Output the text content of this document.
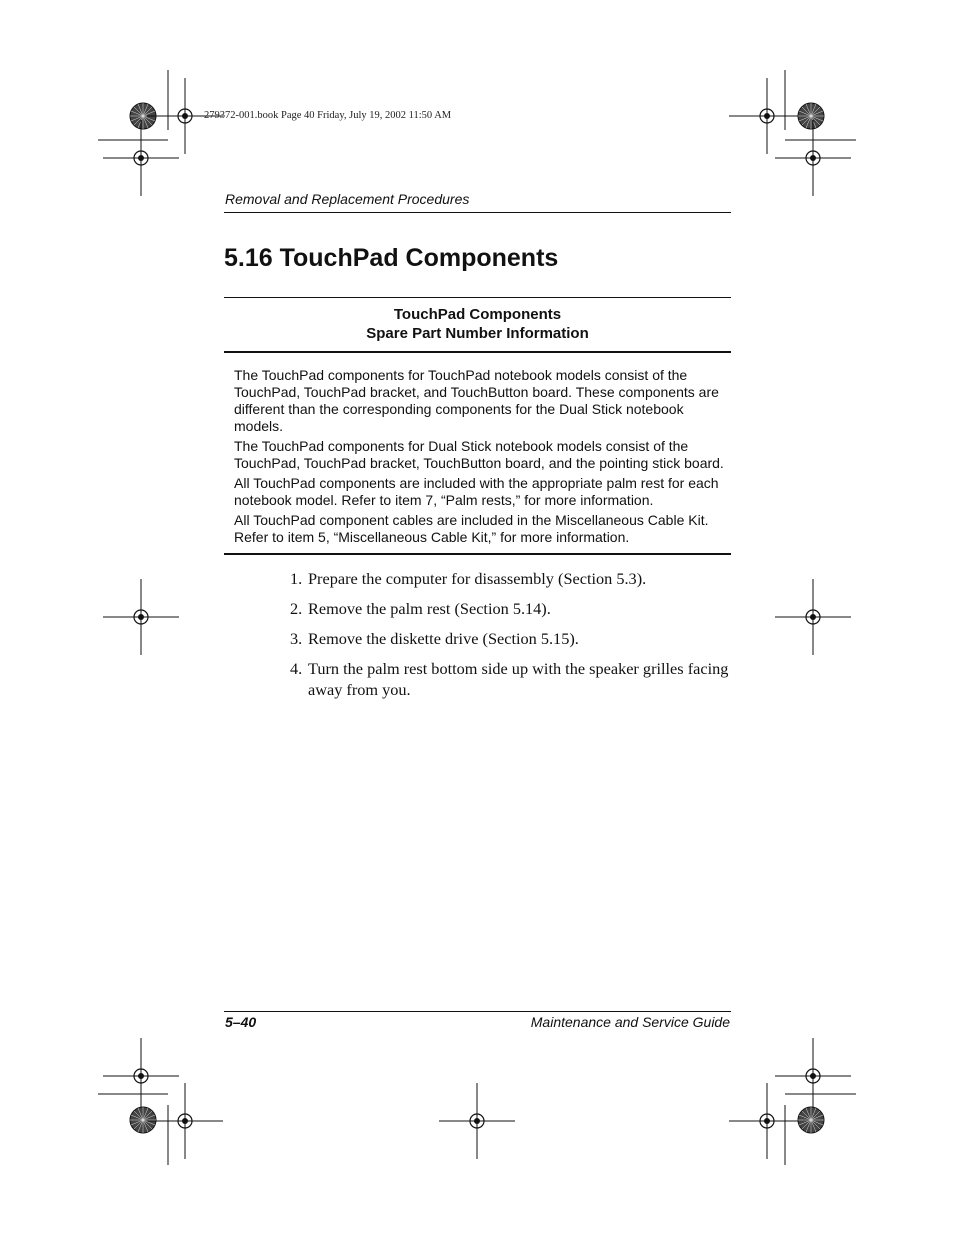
279372-001.book Page 40 Friday, July 19, 2002 11:50 AM
Removal and Replacement Procedures
5.16 TouchPad Components
TouchPad Components
Spare Part Number Information

The TouchPad components for TouchPad notebook models consist of the TouchPad, TouchPad bracket, and TouchButton board. These components are different than the corresponding components for the Dual Stick notebook models.

The TouchPad components for Dual Stick notebook models consist of the TouchPad, TouchPad bracket, TouchButton board, and the pointing stick board.

All TouchPad components are included with the appropriate palm rest for each notebook model. Refer to item 7, “Palm rests,” for more information.

All TouchPad component cables are included in the Miscellaneous Cable Kit. Refer to item 5, “Miscellaneous Cable Kit,” for more information.

1. Prepare the computer for disassembly (Section 5.3).
2. Remove the palm rest (Section 5.14).
3. Remove the diskette drive (Section 5.15).
4. Turn the palm rest bottom side up with the speaker grilles facing away from you.
5–40	Maintenance and Service Guide
